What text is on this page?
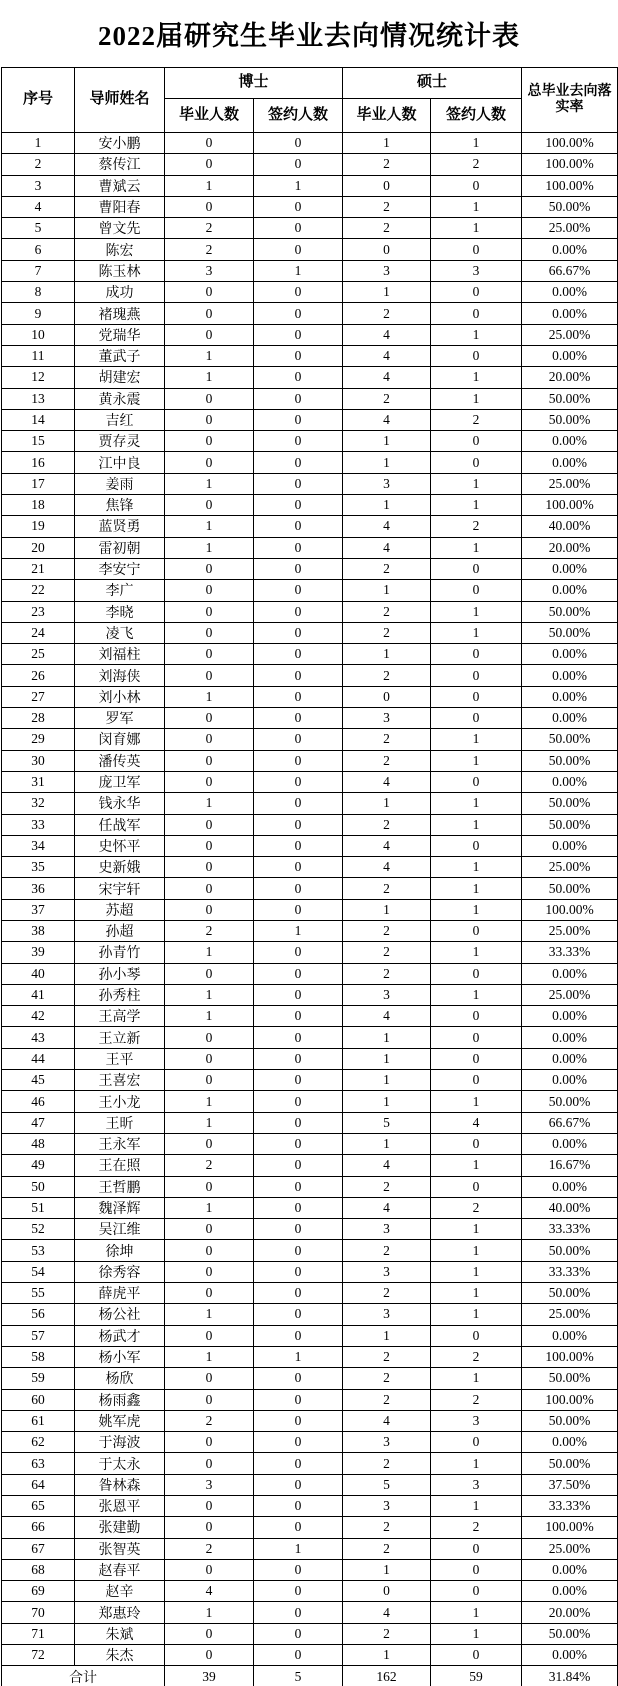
2022届研究生毕业去向情况统计表
序号	导师姓名	博士		硕士		总毕业去向落实率
		毕业人数	签约人数	毕业人数	签约人数	
1	安小鹏	0	0	1	1	100.00%
2	蔡传江	0	0	2	2	100.00%
3	曹斌云	1	1	0	0	100.00%
4	曹阳春	0	0	2	1	50.00%
5	曾文先	2	0	2	1	25.00%
6	陈宏	2	0	0	0	0.00%
7	陈玉林	3	1	3	3	66.67%
8	成功	0	0	1	0	0.00%
9	褚瑰燕	0	0	2	0	0.00%
10	党瑞华	0	0	4	1	25.00%
11	董武子	1	0	4	0	0.00%
12	胡建宏	1	0	4	1	20.00%
13	黄永震	0	0	2	1	50.00%
14	吉红	0	0	4	2	50.00%
15	贾存灵	0	0	1	0	0.00%
16	江中良	0	0	1	0	0.00%
17	姜雨	1	0	3	1	25.00%
18	焦锋	0	0	1	1	100.00%
19	蓝贤勇	1	0	4	2	40.00%
20	雷初朝	1	0	4	1	20.00%
21	李安宁	0	0	2	0	0.00%
22	李广	0	0	1	0	0.00%
23	李晓	0	0	2	1	50.00%
24	凌飞	0	0	2	1	50.00%
25	刘福柱	0	0	1	0	0.00%
26	刘海侠	0	0	2	0	0.00%
27	刘小林	1	0	0	0	0.00%
28	罗军	0	0	3	0	0.00%
29	闵育娜	0	0	2	1	50.00%
30	潘传英	0	0	2	1	50.00%
31	庞卫军	0	0	4	0	0.00%
32	钱永华	1	0	1	1	50.00%
33	任战军	0	0	2	1	50.00%
34	史怀平	0	0	4	0	0.00%
35	史新娥	0	0	4	1	25.00%
36	宋宇轩	0	0	2	1	50.00%
37	苏超	0	0	1	1	100.00%
38	孙超	2	1	2	0	25.00%
39	孙青竹	1	0	2	1	33.33%
40	孙小琴	0	0	2	0	0.00%
41	孙秀柱	1	0	3	1	25.00%
42	王高学	1	0	4	0	0.00%
43	王立新	0	0	1	0	0.00%
44	王平	0	0	1	0	0.00%
45	王喜宏	0	0	1	0	0.00%
46	王小龙	1	0	1	1	50.00%
47	王昕	1	0	5	4	66.67%
48	王永军	0	0	1	0	0.00%
49	王在照	2	0	4	1	16.67%
50	王哲鹏	0	0	2	0	0.00%
51	魏泽辉	1	0	4	2	40.00%
52	吴江维	0	0	3	1	33.33%
53	徐坤	0	0	2	1	50.00%
54	徐秀容	0	0	3	1	33.33%
55	薛虎平	0	0	2	1	50.00%
56	杨公社	1	0	3	1	25.00%
57	杨武才	0	0	1	0	0.00%
58	杨小军	1	1	2	2	100.00%
59	杨欣	0	0	2	1	50.00%
60	杨雨鑫	0	0	2	2	100.00%
61	姚军虎	2	0	4	3	50.00%
62	于海波	0	0	3	0	0.00%
63	于太永	0	0	2	1	50.00%
64	昝林森	3	0	5	3	37.50%
65	张恩平	0	0	3	1	33.33%
66	张建勤	0	0	2	2	100.00%
67	张智英	2	1	2	0	25.00%
68	赵春平	0	0	1	0	0.00%
69	赵辛	4	0	0	0	0.00%
70	郑惠玲	1	0	4	1	20.00%
71	朱斌	0	0	2	1	50.00%
72	朱杰	0	0	1	0	0.00%
合计		39	5	162	59	31.84%
